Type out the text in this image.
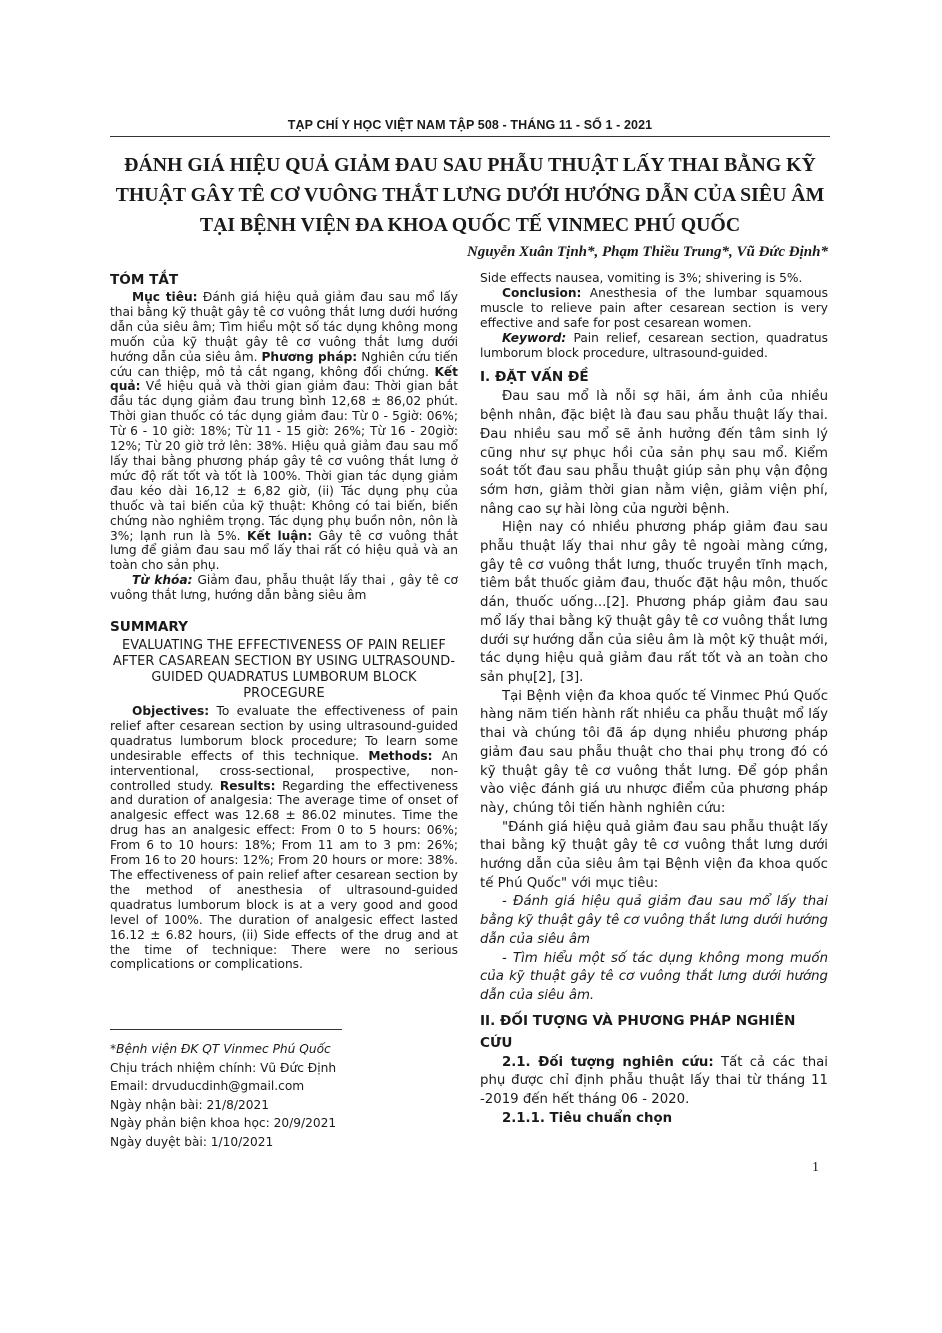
TẠP CHÍ Y HỌC VIỆT NAM TẬP 508 - THÁNG 11 - SỐ 1 - 2021
ĐÁNH GIÁ HIỆU QUẢ GIẢM ĐAU SAU PHẪU THUẬT LẤY THAI BẰNG KỸ THUẬT GÂY TÊ CƠ VUÔNG THẮT LƯNG DƯỚI HƯỚNG DẪN CỦA SIÊU ÂM TẠI BỆNH VIỆN ĐA KHOA QUỐC TẾ VINMEC PHÚ QUỐC
Nguyễn Xuân Tịnh*, Phạm Thiều Trung*, Vũ Đức Định*
TÓM TẮT

Mục tiêu: Đánh giá hiệu quả giảm đau sau mổ lấy thai bằng kỹ thuật gây tê cơ vuông thắt lưng dưới hướng dẫn của siêu âm; Tìm hiểu một số tác dụng không mong muốn của kỹ thuật gây tê cơ vuông thắt lưng dưới hướng dẫn của siêu âm. Phương pháp: Nghiên cứu tiến cứu can thiệp, mô tả cắt ngang, không đối chứng. Kết quả: Về hiệu quả và thời gian giảm đau: Thời gian bắt đầu tác dụng giảm đau trung bình 12,68 ± 86,02 phút. Thời gian thuốc có tác dụng giảm đau: Từ 0 - 5giờ: 06%; Từ 6 - 10 giờ: 18%; Từ 11 - 15 giờ: 26%; Từ 16 - 20giờ: 12%; Từ 20 giờ trở lên: 38%. Hiệu quả giảm đau sau mổ lấy thai bằng phương pháp gây tê cơ vuông thắt lưng ở mức độ rất tốt và tốt là 100%. Thời gian tác dụng giảm đau kéo dài 16,12 ± 6,82 giờ, (ii) Tác dụng phụ của thuốc và tai biến của kỹ thuật: Không có tai biến, biến chứng nào nghiêm trọng. Tác dụng phụ buồn nôn, nôn là 3%; lạnh run là 5%. Kết luận: Gây tê cơ vuông thắt lưng để giảm đau sau mổ lấy thai rất có hiệu quả và an toàn cho sản phụ.

Từ khóa: Giảm đau, phẫu thuật lấy thai , gây tê cơ vuông thắt lưng, hướng dẫn bằng siêu âm

SUMMARY
EVALUATING THE EFFECTIVENESS OF PAIN RELIEF AFTER CASAREAN SECTION BY USING ULTRASOUND-GUIDED QUADRATUS LUMBORUM BLOCK PROCEGURE

Objectives: To evaluate the effectiveness of pain relief after cesarean section by using ultrasound-guided quadratus lumborum block procedure; To learn some undesirable effects of this technique. Methods: An interventional, cross-sectional, prospective, non-controlled study. Results: Regarding the effectiveness and duration of analgesia: The average time of onset of analgesic effect was 12.68 ± 86.02 minutes. Time the drug has an analgesic effect: From 0 to 5 hours: 06%; From 6 to 10 hours: 18%; From 11 am to 3 pm: 26%; From 16 to 20 hours: 12%; From 20 hours or more: 38%. The effectiveness of pain relief after cesarean section by the method of anesthesia of ultrasound-guided quadratus lumborum block is at a very good and good level of 100%. The duration of analgesic effect lasted 16.12 ± 6.82 hours, (ii) Side effects of the drug and at the time of technique: There were no serious complications or complications.

*Bệnh viện ĐK QT Vinmec Phú Quốc
Chịu trách nhiệm chính: Vũ Đức Định
Email: drvuducdinh@gmail.com
Ngày nhận bài: 21/8/2021
Ngày phản biện khoa học: 20/9/2021
Ngày duyệt bài: 1/10/2021

Side effects nausea, vomiting is 3%; shivering is 5%.

Conclusion: Anesthesia of the lumbar squamous muscle to relieve pain after cesarean section is very effective and safe for post cesarean women.

Keyword: Pain relief, cesarean section, quadratus lumborum block procedure, ultrasound-guided.

I. ĐẶT VẤN ĐỀ

Đau sau mổ là nỗi sợ hãi, ám ảnh của nhiều bệnh nhân, đặc biệt là đau sau phẫu thuật lấy thai. Đau nhiều sau mổ sẽ ảnh hưởng đến tâm sinh lý cũng như sự phục hồi của sản phụ sau mổ. Kiểm soát tốt đau sau phẫu thuật giúp sản phụ vận động sớm hơn, giảm thời gian nằm viện, giảm viện phí, nâng cao sự hài lòng của người bệnh.

Hiện nay có nhiều phương pháp giảm đau sau phẫu thuật lấy thai như gây tê ngoài màng cứng, gây tê cơ vuông thắt lưng, thuốc truyền tĩnh mạch, tiêm bắt thuốc giảm đau, thuốc đặt hậu môn, thuốc dán, thuốc uống...[2]. Phương pháp giảm đau sau mổ lấy thai bằng kỹ thuật gây tê cơ vuông thắt lưng dưới sự hướng dẫn của siêu âm là một kỹ thuật mới, tác dụng hiệu quả giảm đau rất tốt và an toàn cho sản phụ[2], [3].

Tại Bệnh viện đa khoa quốc tế Vinmec Phú Quốc hàng năm tiến hành rất nhiều ca phẫu thuật mổ lấy thai và chúng tôi đã áp dụng nhiều phương pháp giảm đau sau phẫu thuật cho thai phụ trong đó có kỹ thuật gây tê cơ vuông thắt lưng. Để góp phần vào việc đánh giá ưu nhược điểm của phương pháp này, chúng tôi tiến hành nghiên cứu:

"Đánh giá hiệu quả giảm đau sau phẫu thuật lấy thai bằng kỹ thuật gây tê cơ vuông thắt lưng dưới hướng dẫn của siêu âm tại Bệnh viện đa khoa quốc tế Phú Quốc" với mục tiêu:

- Đánh giá hiệu quả giảm đau sau mổ lấy thai bằng kỹ thuật gây tê cơ vuông thắt lưng dưới hướng dẫn của siêu âm

- Tìm hiểu một số tác dụng không mong muốn của kỹ thuật gây tê cơ vuông thắt lưng dưới hướng dẫn của siêu âm.

II. ĐỐI TƯỢNG VÀ PHƯƠNG PHÁP NGHIÊN CỨU

2.1. Đối tượng nghiên cứu: Tất cả các thai phụ được chỉ định phẫu thuật lấy thai từ tháng 11 -2019 đến hết tháng 06 - 2020.

2.1.1. Tiêu chuẩn chọn

1
